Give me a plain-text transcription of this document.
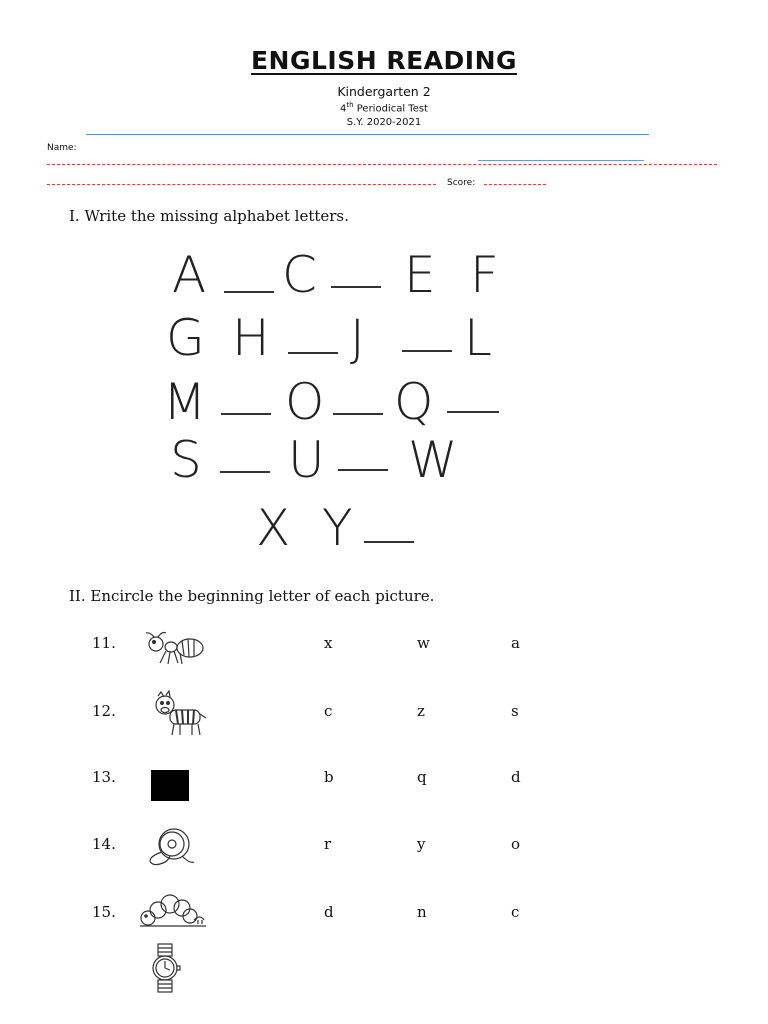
ENGLISH READING
Kindergarten 2
4th Periodical Test
S.Y. 2020-2021
Name:
Score:
I. Write the missing alphabet letters.
A C E F
G H J L
M O Q
S U W
X Y
II. Encircle the beginning letter of each picture.
11.	x	w	a
12.	c	z	s
13.	b	q	d
14.	r	y	o
15.	d	n	c
